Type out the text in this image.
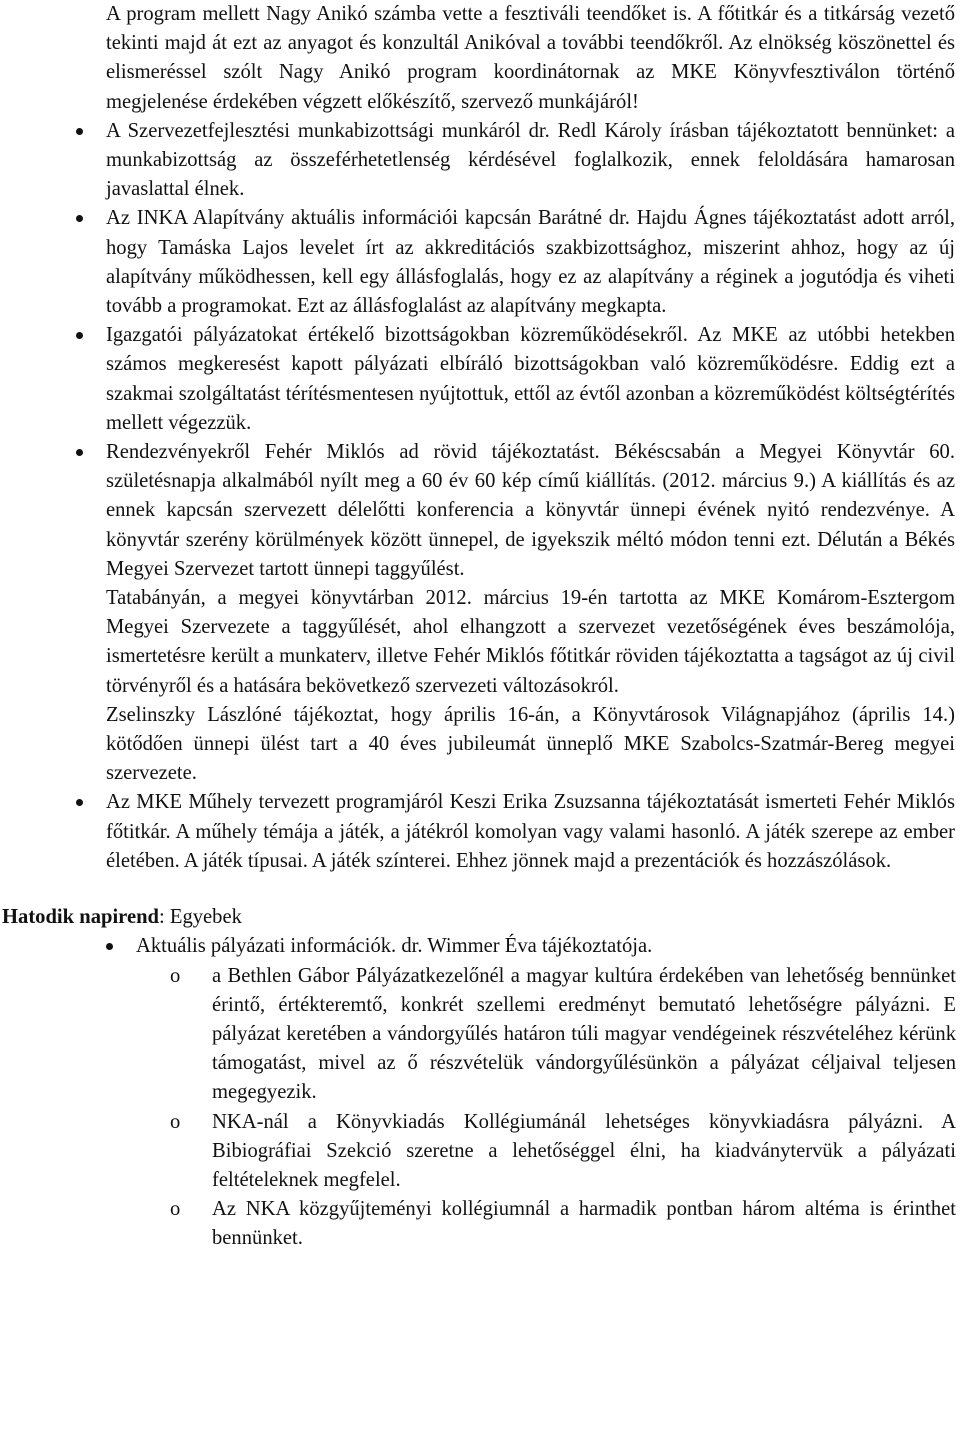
A program mellett Nagy Anikó számba vette a fesztiváli teendőket is. A főtitkár és a titkárság vezető tekinti majd át ezt az anyagot és konzultál Anikóval a további teendőkről. Az elnökség köszönettel és elismeréssel szólt Nagy Anikó program koordinátornak az MKE Könyvfesztiválon történő megjelenése érdekében végzett előkészítő, szervező munkájáról!

A Szervezetfejlesztési munkabizottsági munkáról dr. Redl Károly írásban tájékoztatott bennünket: a munkabizottság az összeférhetetlenség kérdésével foglalkozik, ennek feloldására hamarosan javaslattal élnek.

Az INKA Alapítvány aktuális információi kapcsán Barátné dr. Hajdu Ágnes tájékoztatást adott arról, hogy Tamáska Lajos levelet írt az akkreditációs szakbizottsághoz, miszerint ahhoz, hogy az új alapítvány működhessen, kell egy állásfoglalás, hogy ez az alapítvány a réginek a jogutódja és viheti tovább a programokat. Ezt az állásfoglalást az alapítvány megkapta.

Igazgatói pályázatokat értékelő bizottságokban közreműködésekről. Az MKE az utóbbi hetekben számos megkeresést kapott pályázati elbíráló bizottságokban való közreműködésre. Eddig ezt a szakmai szolgáltatást térítésmentesen nyújtottuk, ettől az évtől azonban a közreműködést költségtérítés mellett végezzük.

Rendezvényekről Fehér Miklós ad rövid tájékoztatást. Békéscsabán a Megyei Könyvtár 60. születésnapja alkalmából nyílt meg a 60 év 60 kép című kiállítás. (2012. március 9.) A kiállítás és az ennek kapcsán szervezett délelőtti konferencia a könyvtár ünnepi évének nyitó rendezvénye. A könyvtár szerény körülmények között ünnepel, de igyekszik méltó módon tenni ezt. Délután a Békés Megyei Szervezet tartott ünnepi taggyűlést.

Tatabányán, a megyei könyvtárban 2012. március 19-én tartotta az MKE Komárom-Esztergom Megyei Szervezete a taggyűlését, ahol elhangzott a szervezet vezetőségének éves beszámolója, ismertetésre került a munkaterv, illetve Fehér Miklós főtitkár röviden tájékoztatta a tagságot az új civil törvényről és a hatására bekövetkező szervezeti változásokról.

Zselinszky Lászlóné tájékoztat, hogy április 16-án, a Könyvtárosok Világnapjához (április 14.) kötődően ünnepi ülést tart a 40 éves jubileumát ünneplő MKE Szabolcs-Szatmár-Bereg megyei szervezete.

Az MKE Műhely tervezett programjáról Keszi Erika Zsuzsanna tájékoztatását ismerteti Fehér Miklós főtitkár. A műhely témája a játék, a játékról komolyan vagy valami hasonló. A játék szerepe az ember életében. A játék típusai. A játék színterei. Ehhez jönnek majd a prezentációk és hozzászólások.

Hatodik napirend: Egyebek

Aktuális pályázati információk. dr. Wimmer Éva tájékoztatója.

o a Bethlen Gábor Pályázatkezelőnél a magyar kultúra érdekében van lehetőség bennünket érintő, értékteremtő, konkrét szellemi eredményt bemutató lehetőségre pályázni. E pályázat keretében a vándorgyűlés határon túli magyar vendégeinek részvételéhez kérünk támogatást, mivel az ő részvételük vándorgyűlésünkön a pályázat céljaival teljesen megegyezik.

o NKA-nál a Könyvkiadás Kollégiumánál lehetséges könyvkiadásra pályázni. A Bibiográfiai Szekció szeretne a lehetőséggel élni, ha kiadványtervük a pályázati feltételeknek megfelel.

o Az NKA közgyűjteményi kollégiumnál a harmadik pontban három altéma is érinthet bennünket.
